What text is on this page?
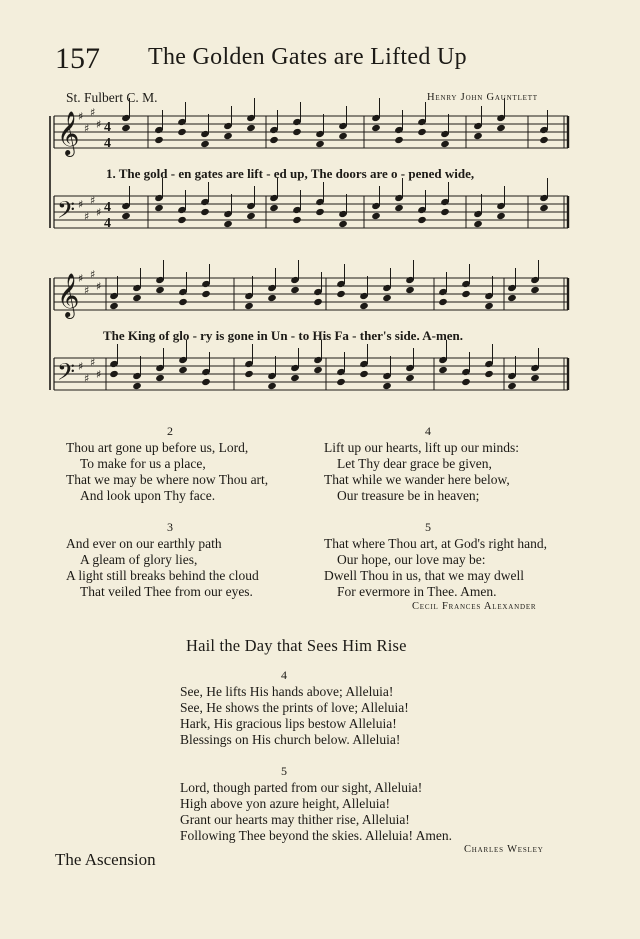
157 The Golden Gates are Lifted Up
St. Fulbert C. M.	Henry John Gauntlett
𝄞
♯
♯
♯
♯ 4
4
𝄢 ♯
♯
♯
♯ 4
4
𝄞
♯
♯
♯
♯
𝄢 ♯
♯
♯
♯
1. The gold - en gates are lift - ed up, The doors are o - pened wide,
The King of glo - ry is gone in Un - to His Fa - ther's side. A-men.
2
Thou art gone up before us, Lord,
To make for us a place,
That we may be where now Thou art,
And look upon Thy face.
3
And ever on our earthly path
A gleam of glory lies,
A light still breaks behind the cloud
That veiled Thee from our eyes.
4
Lift up our hearts, lift up our minds:
Let Thy dear grace be given,
That while we wander here below,
Our treasure be in heaven;
5
That where Thou art, at God's right hand,
Our hope, our love may be:
Dwell Thou in us, that we may dwell
For evermore in Thee. Amen.
Cecil Frances Alexander
Hail the Day that Sees Him Rise
4
See, He lifts His hands above; Alleluia!
See, He shows the prints of love; Alleluia!
Hark, His gracious lips bestow Alleluia!
Blessings on His church below. Alleluia!
5
Lord, though parted from our sight, Alleluia!
High above yon azure height, Alleluia!
Grant our hearts may thither rise, Alleluia!
Following Thee beyond the skies. Alleluia! Amen.
Charles Wesley
The Ascension
